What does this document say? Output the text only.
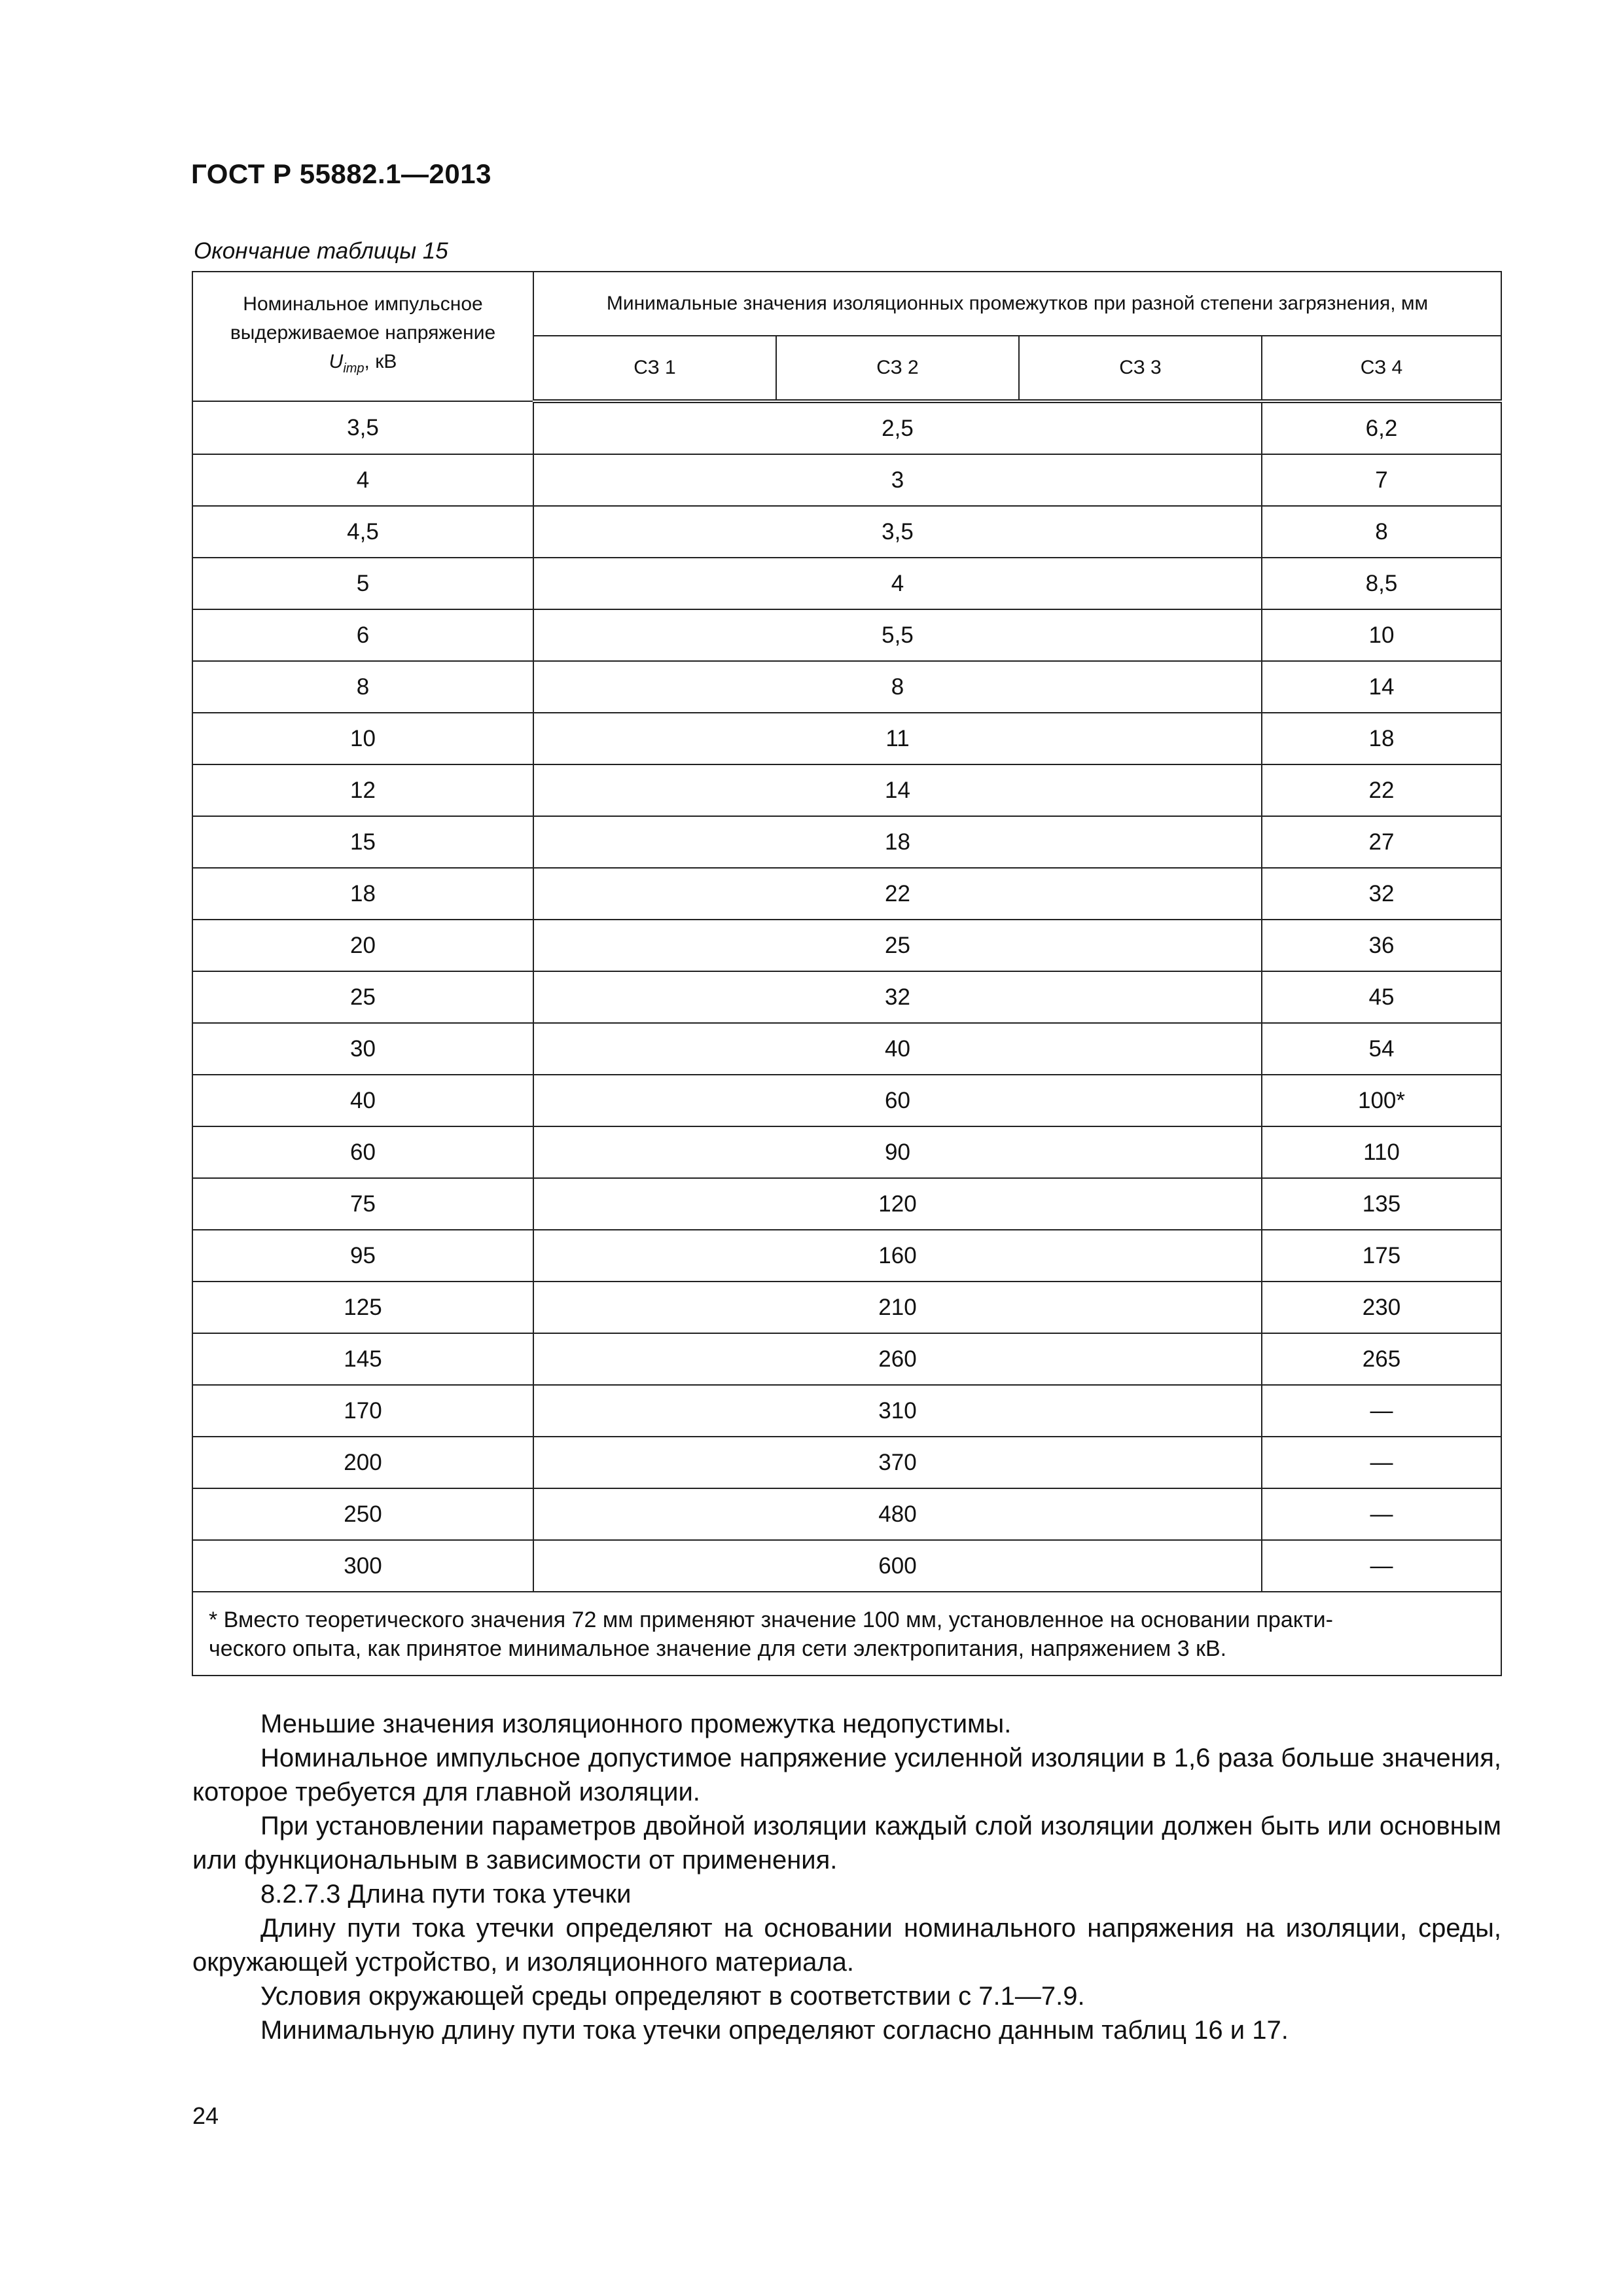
ГОСТ Р 55882.1—2013
Окончание таблицы 15
Номинальное импульсное
выдерживаемое напряжение
$U_{imp}$, кВ	Минимальные значения изоляционных промежутков при разной степени загрязнения, мм			
	СЗ 1	СЗ 2	СЗ 3	СЗ 4
3,5	2,5			6,2
4	3			7
4,5	3,5			8
5	4			8,5
6	5,5			10
8	8			14
10	11			18
12	14			22
15	18			27
18	22			32
20	25			36
25	32			45
30	40			54
40	60			100*
60	90			110
75	120			135
95	160			175
125	210			230
145	260			265
170	310			—
200	370			—
250	480			—
300	600			—
* Вместо теоретического значения 72 мм применяют значение 100 мм, установленное на основании практи-
ческого опыта, как принятое минимальное значение для сети электропитания, напряжением 3 кВ.				

Меньшие значения изоляционного промежутка недопустимы.

Номинальное импульсное допустимое напряжение усиленной изоляции в 1,6 раза больше значения, которое требуется для главной изоляции.

При установлении параметров двойной изоляции каждый слой изоляции должен быть или основным или функциональным в зависимости от применения.

8.2.7.3 Длина пути тока утечки

Длину пути тока утечки определяют на основании номинального напряжения на изоляции, среды, окружающей устройство, и изоляционного материала.

Условия окружающей среды определяют в соответствии с 7.1—7.9.

Минимальную длину пути тока утечки определяют согласно данным таблиц 16 и 17.

24
